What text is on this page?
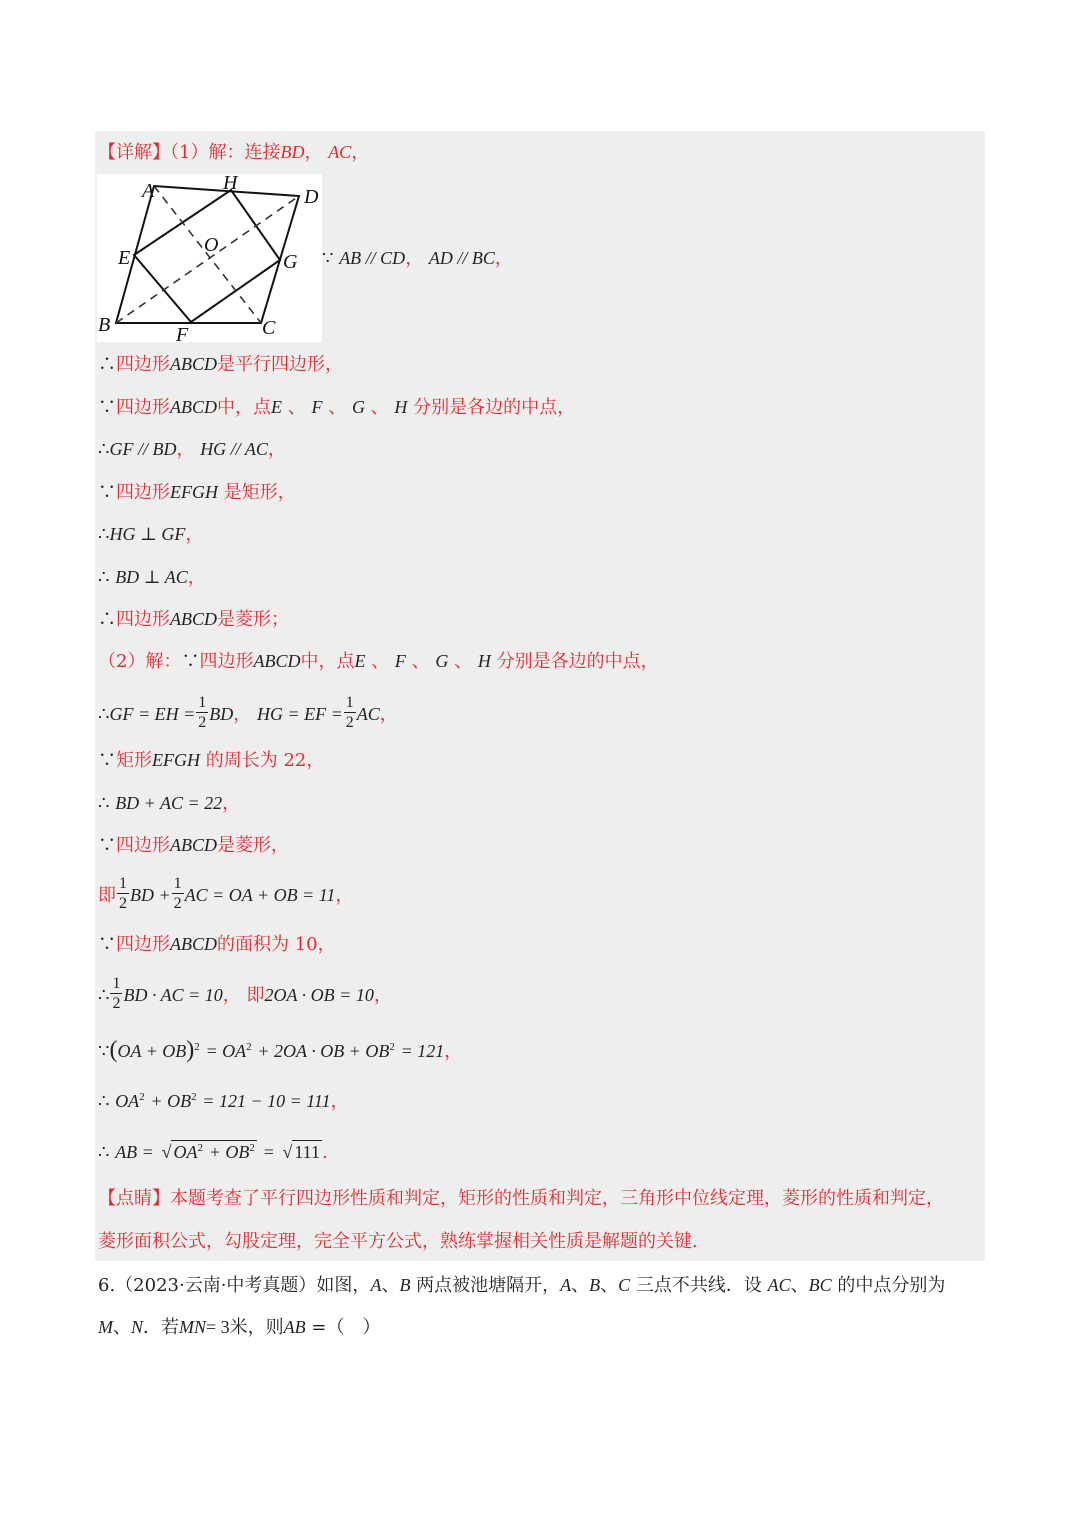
【详解】（1）解：连接BD， AC，
A	H
D
E
O
G
B	F	C
∵ AB // CD， AD // BC，
∴四边形ABCD是平行四边形，
∵四边形ABCD中，点E 、 F 、 G 、 H 分别是各边的中点，
∴GF // BD， HG // AC，
∵四边形EFGH 是矩形，
∴HG ⊥ GF，
∴ BD ⊥ AC，
∴四边形ABCD是菱形；
（2）解：∵四边形ABCD中，点E 、 F 、 G 、 H 分别是各边的中点，
∴GF = EH = $\frac{1}{2}$ BD， HG = EF = $\frac{1}{2}$ AC，
∵矩形EFGH 的周长为 22，
∴ BD + AC = 22，
∵四边形ABCD是菱形，
即 $\frac{1}{2}$ BD + $\frac{1}{2}$ AC = OA + OB = 11，
∵四边形ABCD的面积为 10，
∴ $\frac{1}{2}$ BD · AC = 10， 即2OA · OB = 10，
∵(OA + $OB)^2 = OA^2 + 2OA$ · OB + $OB^2 = 121$，
∴ $OA^2 + OB^2 = 121 - 10 = 111$，
∴ AB = √ $OA^2 + OB^2$ = √ 111 .
【点睛】本题考查了平行四边形性质和判定，矩形的性质和判定，三角形中位线定理，菱形的性质和判定，
菱形面积公式，勾股定理，完全平方公式，熟练掌握相关性质是解题的关键.
6.（2023·云南·中考真题）如图，A、B 两点被池塘隔开，A、B、C 三点不共线．设 AC、BC 的中点分别为
M、N．若MN= 3米，则AB =（　）
